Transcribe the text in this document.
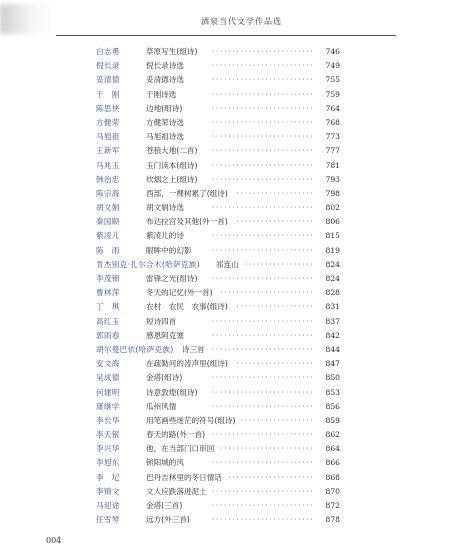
酒泉当代文学作品选
白志勇	草原写生(组诗) ·························	746
倪长录	倪长录诗选	·························	749
妥清德	妥清德诗选	·························	755
于　刚	于刚诗选	·························	759
陈思侠	边地(组诗)	·························	764
方健荣	方健荣诗选	·························	768
马旭祖	马旭祖诗选	·························	773
王新军	苍狼大地(二首) ·························	777
马兆玉	玉门读本(组诗) ·························	781
韩治忠	炊烟之上(组诗) ·························	793
陈宗海	西部，一棵树累了(组诗) ···················	798
胡文娟	胡文娟诗选	·························	802
秦国顺	布达拉宫及其他(外一首) ···················	806
紫凌儿	紫凌儿的诗	·························	815
陈　雨	眼眸中的幻影	·························	819
肯杰别克·扎尔合木(哈萨克族) 祁连山 ·················	824
李茂锦	雷锋之光(组诗) ·························	824
曹林萍	冬天的记忆(外一首) ·······················	828
丁　琪	农村　农民　农事(组诗) ···················	831
高红玉	短诗四首	·························	837
郭雨春	感恩阿克塞	·························	842
胡尔曼巴依(哈萨克族) 诗三首 ·························	844
安文海	在疏勒河的涛声里(组诗) ···················	847
吴成德	金塔(组诗)	·························	850
何建明	诗意敦煌(组诗) ·························	853
康继学	瓜州风情	·························	856
李长华	用笔画些迷茫的符号(组诗) ··················	859
李天银	春天的路(外一首) ·························	862
李兴华	他，在当部门口串回 ·······················	864
李旭东	锁阳城的风	·························	866
李　圮	巴丹吉林里的冬日情话 ·····················	868
李锦文	文人应跌落进泥土 ·························	870
马迎途	金塔(三首)	·························	872
任雪琴	远方(外三首)	·························	878
004
